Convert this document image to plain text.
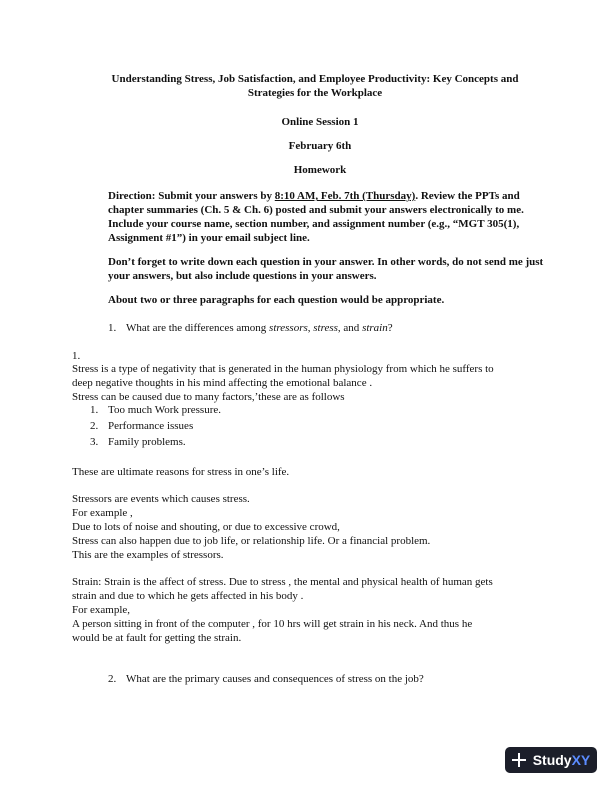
Understanding Stress, Job Satisfaction, and Employee Productivity: Key Concepts and Strategies for the Workplace
Online Session 1
February 6th
Homework
Direction: Submit your answers by 8:10 AM, Feb. 7th (Thursday). Review the PPTs and chapter summaries (Ch. 5 & Ch. 6) posted and submit your answers electronically to me. Include your course name, section number, and assignment number (e.g., “MGT 305(1), Assignment #1”) in your email subject line.
Don’t forget to write down each question in your answer. In other words, do not send me just your answers, but also include questions in your answers.
About two or three paragraphs for each question would be appropriate.
1. What are the differences among stressors, stress, and strain?
1.
Stress is a type of negativity that is generated in the human physiology from which he suffers to
deep negative thoughts in his mind affecting the emotional balance .
Stress can be caused due to many factors,’these are as follows
1. Too much Work pressure.
2. Performance issues
3. Family problems.
These are ultimate reasons for stress in one’s life.
Stressors are events which causes stress.
For example ,
Due to lots of noise and shouting, or due to excessive crowd,
Stress can also happen due to job life, or relationship life. Or a financial problem.
This are the examples of stressors.
Strain: Strain is the affect of stress. Due to stress , the mental and physical health of human gets
strain and due to which he gets affected in his body .
For example,
A person sitting in front of the computer , for 10 hrs will get strain in his neck. And thus he
would be at fault for getting the strain.
2. What are the primary causes and consequences of stress on the job?
Study XY
